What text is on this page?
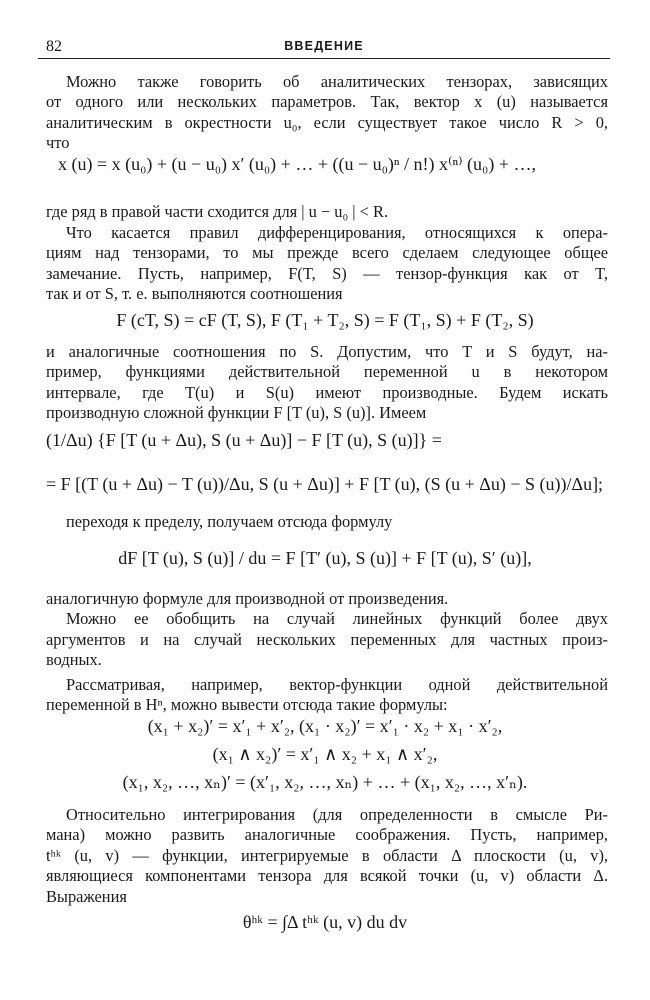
82	ВВЕДЕНИЕ
Можно также говорить об аналитических тензорах, зависящих
от одного или нескольких параметров. Так, вектор x (u) называется
аналитическим в окрестности u₀, если существует такое число R > 0,
что
x (u) = x (u₀) + (u − u₀) x′ (u₀) + … + ((u − u₀)ⁿ / n!) x⁽ⁿ⁾ (u₀) + …,
где ряд в правой части сходится для | u − u₀ | < R.
Что касается правил дифференцирования, относящихся к опера-
циям над тензорами, то мы прежде всего сделаем следующее общее
замечание. Пусть, например, F(T, S) — тензор-функция как от T,
так и от S, т. е. выполняются соотношения
F (cT, S) = cF (T, S), F (T₁ + T₂, S) = F (T₁, S) + F (T₂, S)
и аналогичные соотношения по S. Допустим, что T и S будут, на-
пример, функциями действительной переменной u в некотором
интервале, где T(u) и S(u) имеют производные. Будем искать
производную сложной функции F [T (u), S (u)]. Имеем
(1/Δu) {F [T (u + Δu), S (u + Δu)] − F [T (u), S (u)]} =
= F [(T (u + Δu) − T (u))/Δu, S (u + Δu)] + F [T (u), (S (u + Δu) − S (u))/Δu];
переходя к пределу, получаем отсюда формулу
dF [T (u), S (u)] / du = F [T′ (u), S (u)] + F [T (u), S′ (u)],
аналогичную формуле для производной от произведения.
Можно ее обобщить на случай линейных функций более двух
аргументов и на случай нескольких переменных для частных произ-
водных.
Рассматривая, например, вектор-функции одной действительной
переменной в Hⁿ, можно вывести отсюда такие формулы:
(x₁ + x₂)′ = x′₁ + x′₂, (x₁ · x₂)′ = x′₁ · x₂ + x₁ · x′₂,
(x₁ ∧ x₂)′ = x′₁ ∧ x₂ + x₁ ∧ x′₂,
(x₁, x₂, …, xₙ)′ = (x′₁, x₂, …, xₙ) + … + (x₁, x₂, …, x′ₙ).
Относительно интегрирования (для определенности в смысле Ри-
мана) можно развить аналогичные соображения. Пусть, например,
tʰᵏ (u, v) — функции, интегрируемые в области Δ плоскости (u, v),
являющиеся компонентами тензора для всякой точки (u, v) области Δ.
Выражения
θʰᵏ = ∫Δ tʰᵏ (u, v) du dv
